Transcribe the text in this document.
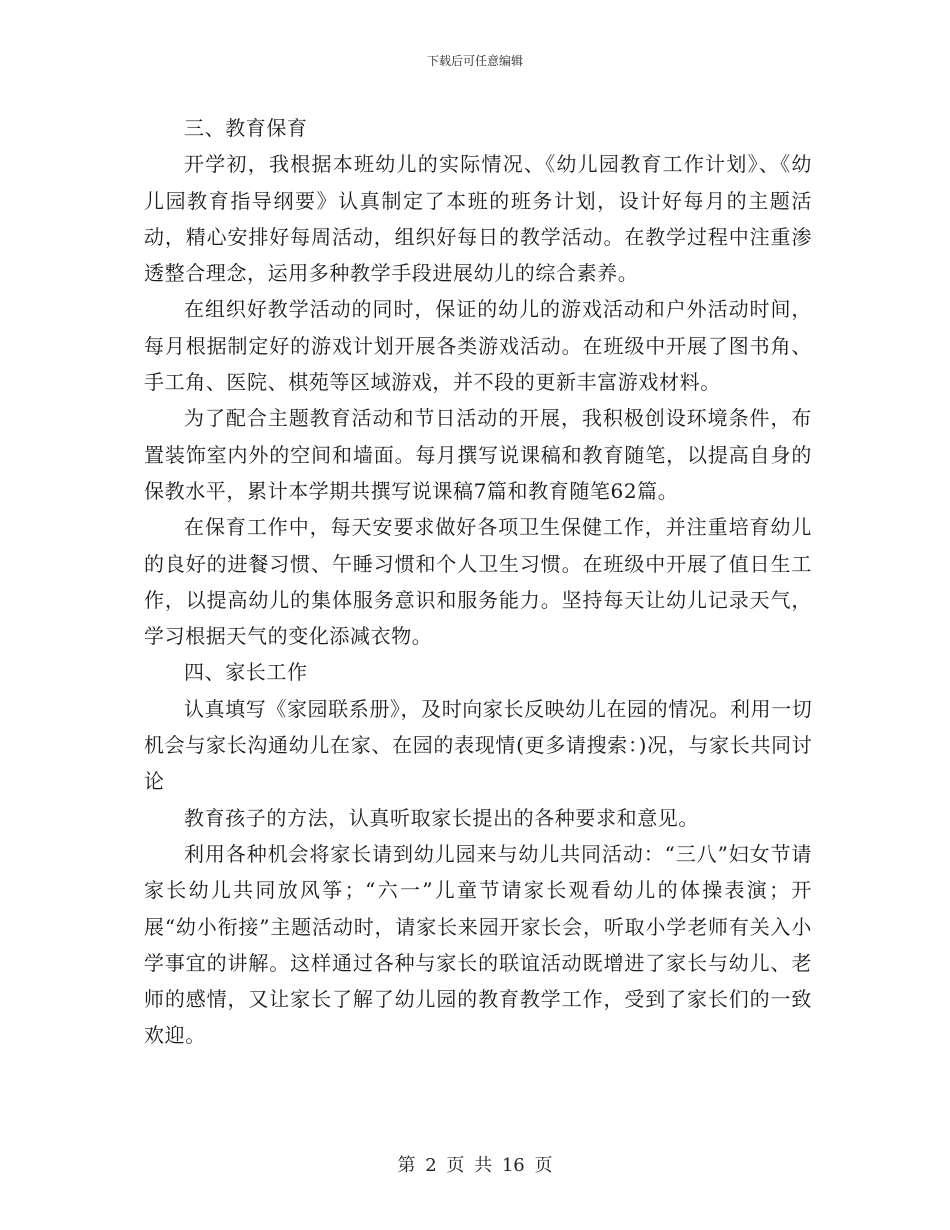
下载后可任意编辑

三、教育保育

开学初，我根据本班幼儿的实际情况、《幼儿园教育工作计划》、《幼儿园教育指导纲要》认真制定了本班的班务计划，设计好每月的主题活动，精心安排好每周活动，组织好每日的教学活动。在教学过程中注重渗透整合理念，运用多种教学手段进展幼儿的综合素养。

在组织好教学活动的同时，保证的幼儿的游戏活动和户外活动时间，每月根据制定好的游戏计划开展各类游戏活动。在班级中开展了图书角、手工角、医院、棋苑等区域游戏，并不段的更新丰富游戏材料。

为了配合主题教育活动和节日活动的开展，我积极创设环境条件，布置装饰室内外的空间和墙面。每月撰写说课稿和教育随笔，以提高自身的保教水平，累计本学期共撰写说课稿7篇和教育随笔62篇。

在保育工作中，每天安要求做好各项卫生保健工作，并注重培育幼儿的良好的进餐习惯、午睡习惯和个人卫生习惯。在班级中开展了值日生工作，以提高幼儿的集体服务意识和服务能力。坚持每天让幼儿记录天气，学习根据天气的变化添减衣物。

四、家长工作

认真填写《家园联系册》，及时向家长反映幼儿在园的情况。利用一切机会与家长沟通幼儿在家、在园的表现情(更多请搜索：)况，与家长共同讨论

教育孩子的方法，认真听取家长提出的各种要求和意见。

利用各种机会将家长请到幼儿园来与幼儿共同活动：“三八”妇女节请家长幼儿共同放风筝；“六一”儿童节请家长观看幼儿的体操表演；开展“幼小衔接”主题活动时，请家长来园开家长会，听取小学老师有关入小学事宜的讲解。这样通过各种与家长的联谊活动既增进了家长与幼儿、老师的感情，又让家长了解了幼儿园的教育教学工作，受到了家长们的一致欢迎。

第 2 页 共 16 页
